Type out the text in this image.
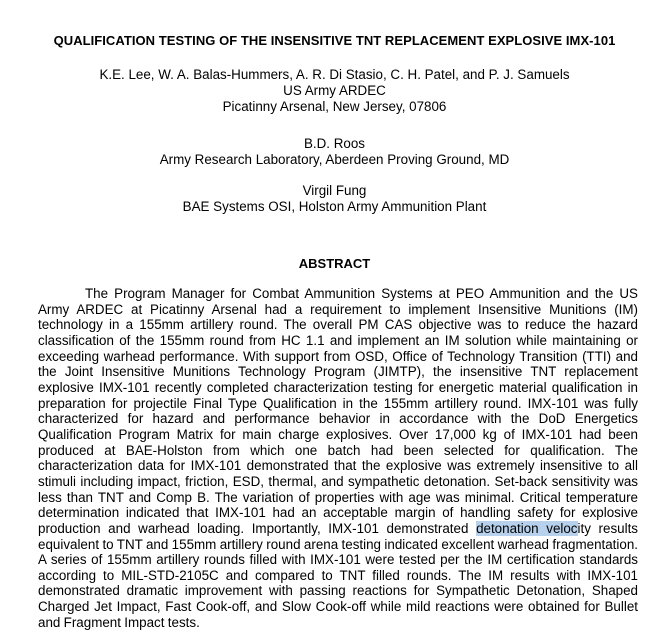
QUALIFICATION TESTING OF THE INSENSITIVE TNT REPLACEMENT EXPLOSIVE IMX-101
K.E. Lee, W. A. Balas-Hummers, A. R. Di Stasio, C. H. Patel, and P. J. Samuels
US Army ARDEC
Picatinny Arsenal, New Jersey, 07806
B.D. Roos
Army Research Laboratory, Aberdeen Proving Ground, MD
Virgil Fung
BAE Systems OSI, Holston Army Ammunition Plant
ABSTRACT

The Program Manager for Combat Ammunition Systems at PEO Ammunition and the US Army ARDEC at Picatinny Arsenal had a requirement to implement Insensitive Munitions (IM) technology in a 155mm artillery round. The overall PM CAS objective was to reduce the hazard classification of the 155mm round from HC 1.1 and implement an IM solution while maintaining or exceeding warhead performance. With support from OSD, Office of Technology Transition (TTI) and the Joint Insensitive Munitions Technology Program (JIMTP), the insensitive TNT replacement explosive IMX-101 recently completed characterization testing for energetic material qualification in preparation for projectile Final Type Qualification in the 155mm artillery round. IMX-101 was fully characterized for hazard and performance behavior in accordance with the DoD Energetics Qualification Program Matrix for main charge explosives. Over 17,000 kg of IMX-101 had been produced at BAE-Holston from which one batch had been selected for qualification. The characterization data for IMX-101 demonstrated that the explosive was extremely insensitive to all stimuli including impact, friction, ESD, thermal, and sympathetic detonation. Set-back sensitivity was less than TNT and Comp B. The variation of properties with age was minimal. Critical temperature determination indicated that IMX-101 had an acceptable margin of handling safety for explosive production and warhead loading. Importantly, IMX-101 demonstrated detonation velocity results equivalent to TNT and 155mm artillery round arena testing indicated excellent warhead fragmentation. A series of 155mm artillery rounds filled with IMX-101 were tested per the IM certification standards according to MIL-STD-2105C and compared to TNT filled rounds. The IM results with IMX-101 demonstrated dramatic improvement with passing reactions for Sympathetic Detonation, Shaped Charged Jet Impact, Fast Cook-off, and Slow Cook-off while mild reactions were obtained for Bullet and Fragment Impact tests.
